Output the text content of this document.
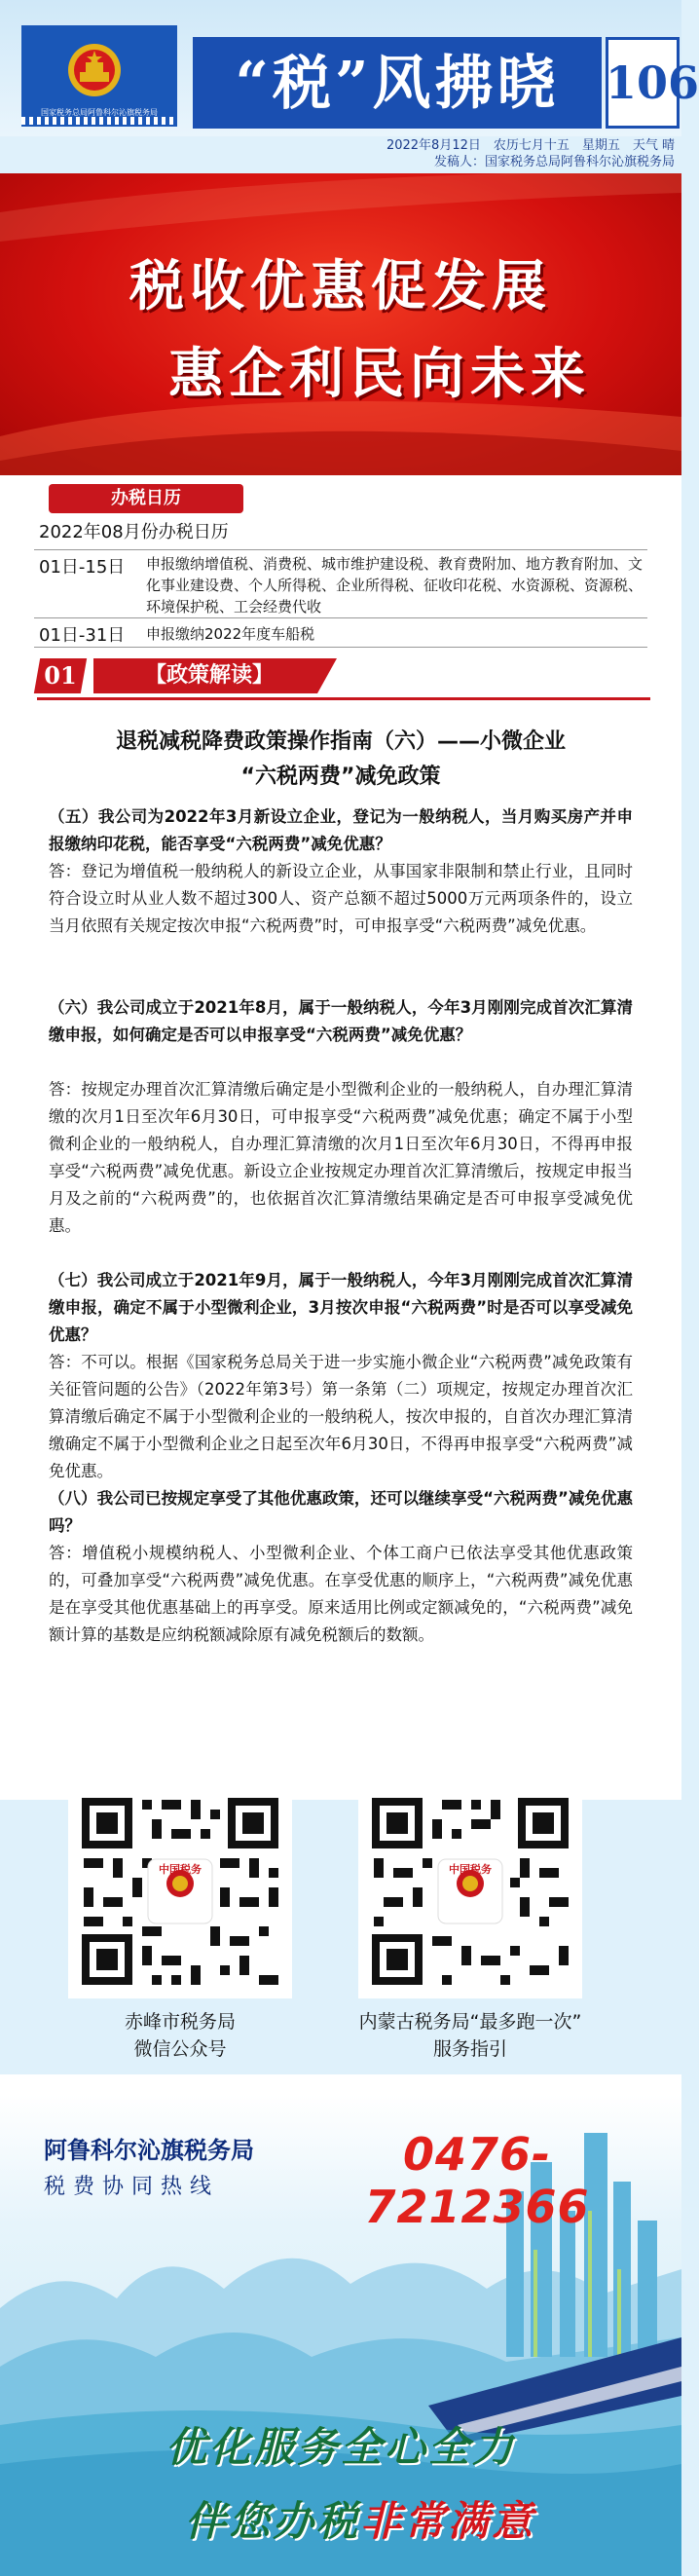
国家税务总局阿鲁科尔沁旗税务局	“税”风拂晓	106
2022年8月12日　农历七月十五　星期五　天气 晴
发稿人：国家税务总局阿鲁科尔沁旗税务局
税收优惠促发展
惠企利民向未来
办税日历
2022年08月份办税日历
01日-15日 申报缴纳增值税、消费税、城市维护建设税、教育费附加、地方教育附加、文化事业建设费、个人所得税、企业所得税、征收印花税、水资源税、资源税、环境保护税、工会经费代收
01日-31日 申报缴纳2022年度车船税
01	【政策解读】
退税减税降费政策操作指南（六）——小微企业
“六税两费”减免政策
（五）我公司为2022年3月新设立企业，登记为一般纳税人，当月购买房产并申报缴纳印花税，能否享受“六税两费”减免优惠？
答：登记为增值税一般纳税人的新设立企业，从事国家非限制和禁止行业，且同时符合设立时从业人数不超过300人、资产总额不超过5000万元两项条件的，设立当月依照有关规定按次申报“六税两费”时，可申报享受“六税两费”减免优惠。
（六）我公司成立于2021年8月，属于一般纳税人，今年3月刚刚完成首次汇算清缴申报，如何确定是否可以申报享受“六税两费”减免优惠？
答：按规定办理首次汇算清缴后确定是小型微利企业的一般纳税人，自办理汇算清缴的次月1日至次年6月30日，可申报享受“六税两费”减免优惠；确定不属于小型微利企业的一般纳税人，自办理汇算清缴的次月1日至次年6月30日，不得再申报享受“六税两费”减免优惠。新设立企业按规定办理首次汇算清缴后，按规定申报当月及之前的“六税两费”的，也依据首次汇算清缴结果确定是否可申报享受减免优惠。
（七）我公司成立于2021年9月，属于一般纳税人，今年3月刚刚完成首次汇算清缴申报，确定不属于小型微利企业，3月按次申报“六税两费”时是否可以享受减免优惠？
答：不可以。根据《国家税务总局关于进一步实施小微企业“六税两费”减免政策有关征管问题的公告》（2022年第3号）第一条第（二）项规定，按规定办理首次汇算清缴后确定不属于小型微利企业的一般纳税人，按次申报的，自首次办理汇算清缴确定不属于小型微利企业之日起至次年6月30日，不得再申报享受“六税两费”减免优惠。
（八）我公司已按规定享受了其他优惠政策，还可以继续享受“六税两费”减免优惠吗？
答：增值税小规模纳税人、小型微利企业、个体工商户已依法享受其他优惠政策的，可叠加享受“六税两费”减免优惠。在享受优惠的顺序上，“六税两费”减免优惠是在享受其他优惠基础上的再享受。原来适用比例或定额减免的，“六税两费”减免额计算的基数是应纳税额减除原有减免税额后的数额。
中国税务
赤峰市税务局
微信公众号
中国税务
内蒙古税务局“最多跑一次”
服务指引
阿鲁科尔沁旗税务局
税费协同热线
0476-7212366
优化服务全心全力
伴您办税非常满意
